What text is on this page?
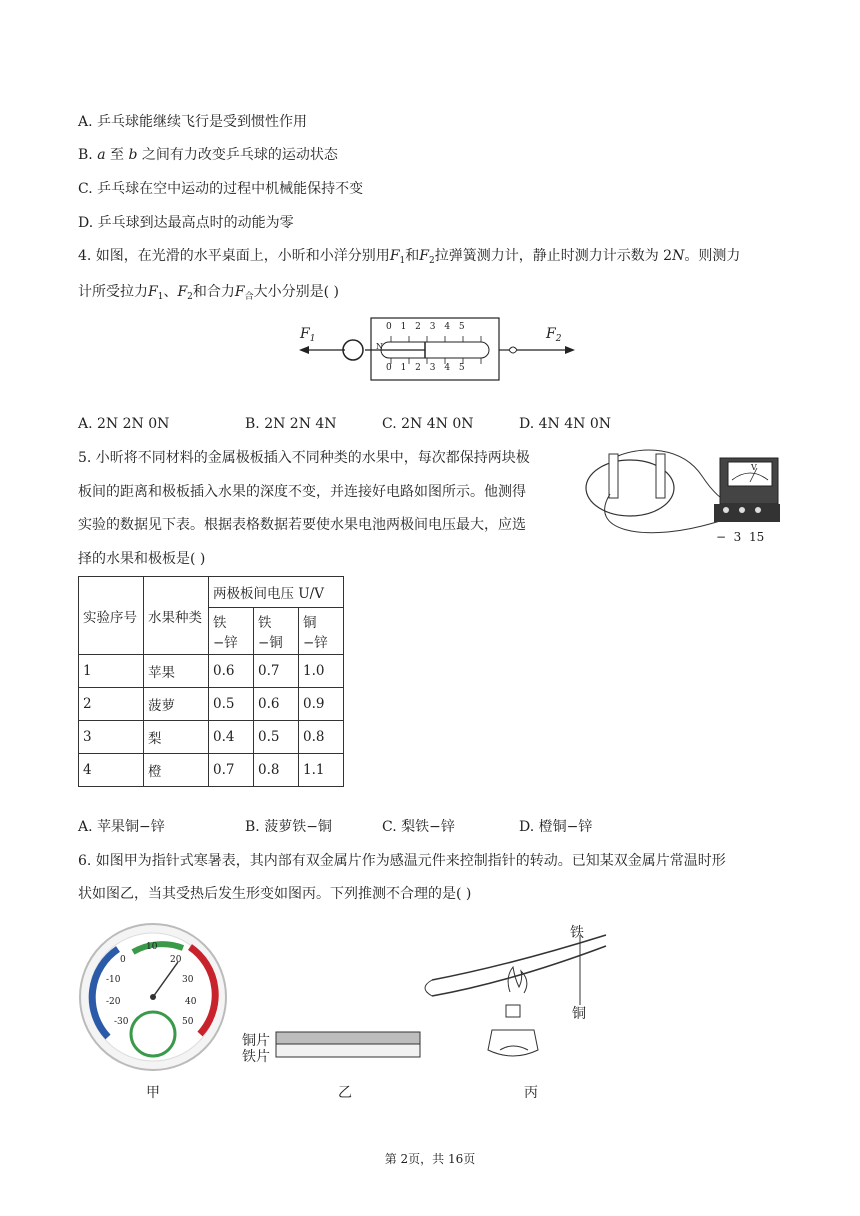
A. 乒乓球能继续飞行是受到惯性作用
B. a 至 b 之间有力改变乒乓球的运动状态
C. 乒乓球在空中运动的过程中机械能保持不变
D. 乒乓球到达最高点时的动能为零
4. 如图，在光滑的水平桌面上，小昕和小洋分别用$F_1$和$F_2$拉弹簧测力计，静止时测力计示数为 2N。则测力
计所受拉力$F_1$、$F_2$和合力$F_合$大小分别是( )
$F_1$	$F_2$
0 1 2 3 4 5
0 1 2 3 4 5
N
A. 2N 2N 0N	B. 2N 2N 4N	C. 2N 4N 0N	D. 4N 4N 0N
5. 小昕将不同材料的金属极板插入不同种类的水果中，每次都保持两块极
板间的距离和极板插入水果的深度不变，并连接好电路如图所示。他测得
实验的数据见下表。根据表格数据若要使水果电池两极间电压最大，应选
择的水果和极板是( )
V
−  3  15
实验序号	水果种类	两极板间电压 U/V		
		铁−锌	铁−铜	铜−锌
1	苹果	0.6	0.7	1.0
2	菠萝	0.5	0.6	0.9
3	梨	0.4	0.5	0.8
4	橙	0.7	0.8	1.1
A. 苹果铜−锌	B. 菠萝铁−铜	C. 梨铁−锌	D. 橙铜−锌
6. 如图甲为指针式寒暑表，其内部有双金属片作为感温元件来控制指针的转动。已知某双金属片常温时形
状如图乙，当其受热后发生形变如图丙。下列推测不合理的是( )
10
0
-10
-20
-30
20
30
40
50
甲
铜片
铁片
乙
铁
铜
丙
第 2页，共 16页
